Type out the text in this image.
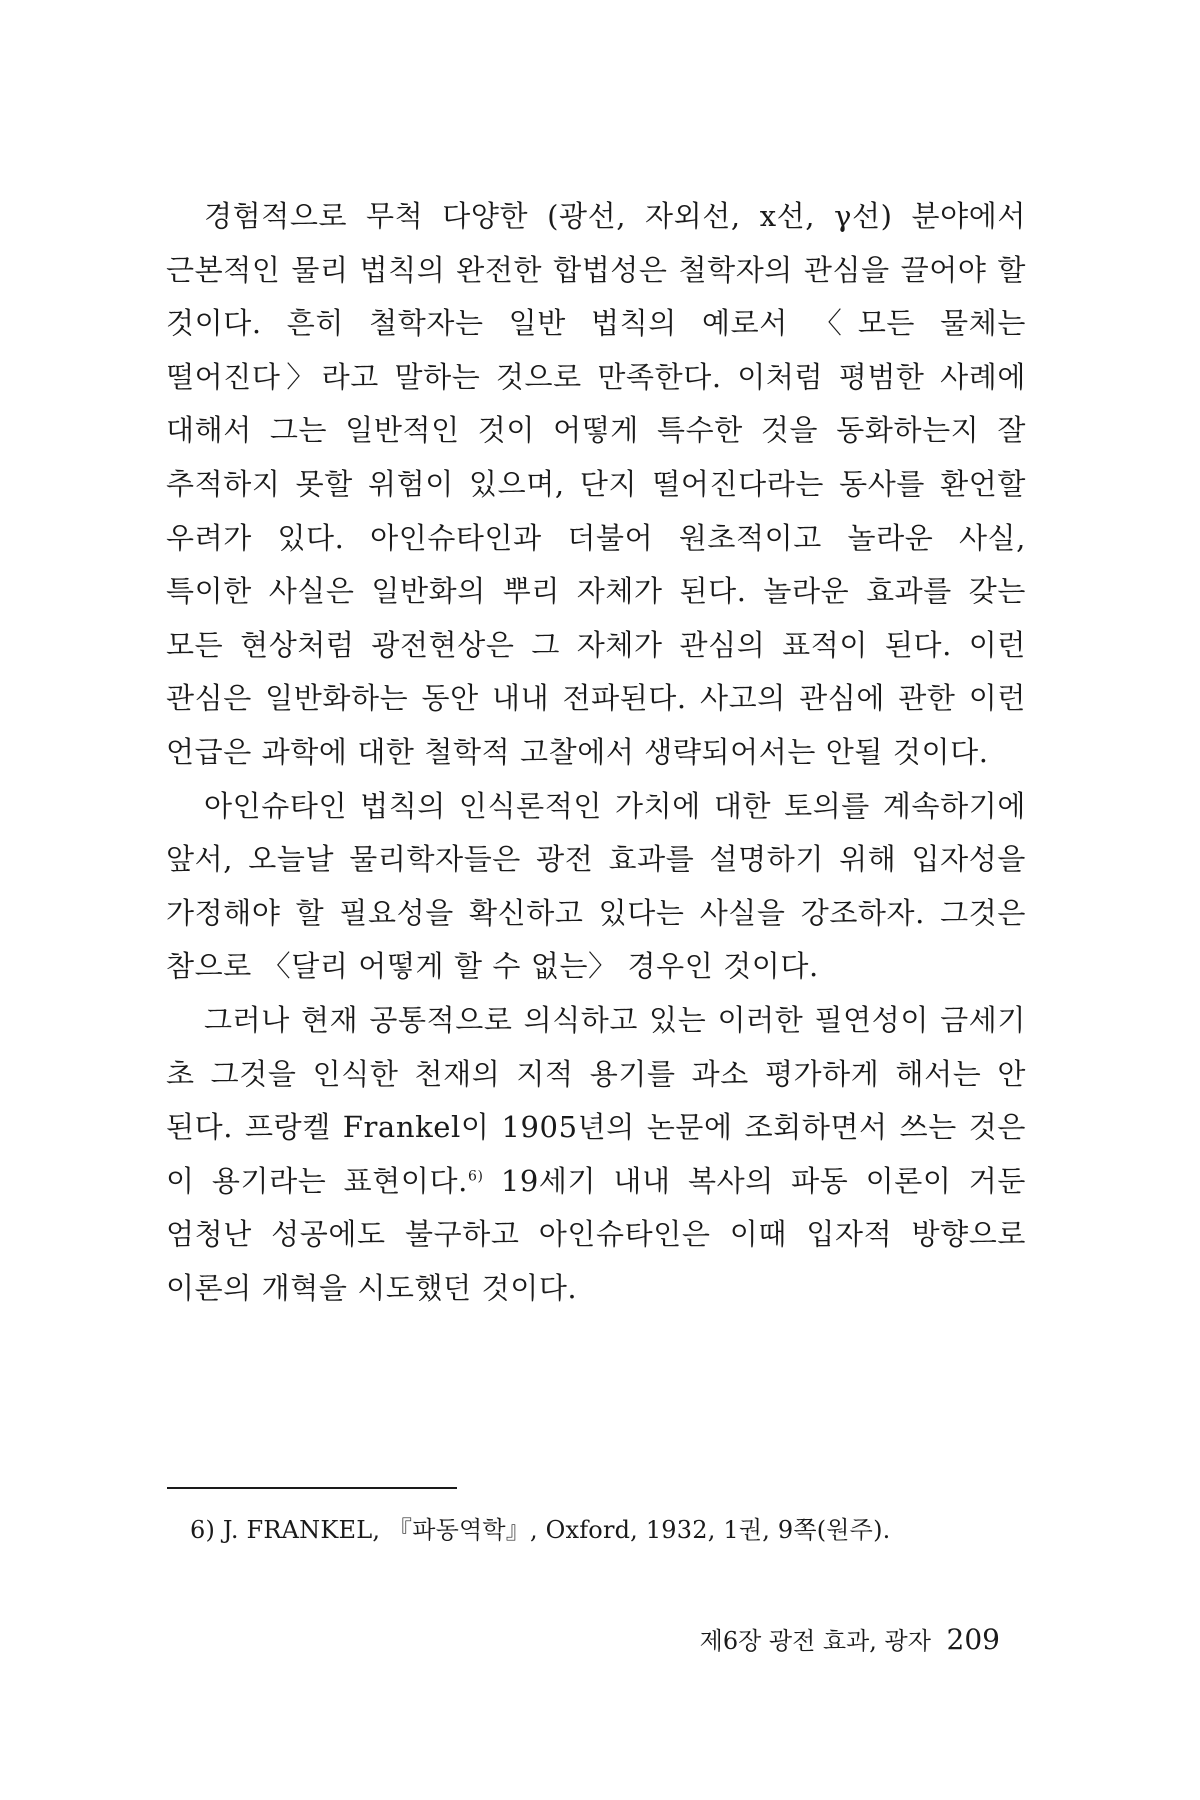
경험적으로 무척 다양한 (광선, 자외선, x선, γ선) 분야에서 근본적인 물리 법칙의 완전한 합법성은 철학자의 관심을 끌어야 할 것이다. 흔히 철학자는 일반 법칙의 예로서 〈모든 물체는 떨어진다〉라고 말하는 것으로 만족한다. 이처럼 평범한 사례에 대해서 그는 일반적인 것이 어떻게 특수한 것을 동화하는지 잘 추적하지 못할 위험이 있으며, 단지 떨어진다라는 동사를 환언할 우려가 있다. 아인슈타인과 더불어 원초적이고 놀라운 사실, 특이한 사실은 일반화의 뿌리 자체가 된다. 놀라운 효과를 갖는 모든 현상처럼 광전현상은 그 자체가 관심의 표적이 된다. 이런 관심은 일반화하는 동안 내내 전파된다. 사고의 관심에 관한 이런 언급은 과학에 대한 철학적 고찰에서 생략되어서는 안될 것이다.

아인슈타인 법칙의 인식론적인 가치에 대한 토의를 계속하기에 앞서, 오늘날 물리학자들은 광전 효과를 설명하기 위해 입자성을 가정해야 할 필요성을 확신하고 있다는 사실을 강조하자. 그것은 참으로 〈달리 어떻게 할 수 없는〉 경우인 것이다.

그러나 현재 공통적으로 의식하고 있는 이러한 필연성이 금세기 초 그것을 인식한 천재의 지적 용기를 과소 평가하게 해서는 안 된다. 프랑켈 Frankel이 1905년의 논문에 조회하면서 쓰는 것은 이 용기라는 표현이다.$^{6)}$ 19세기 내내 복사의 파동 이론이 거둔 엄청난 성공에도 불구하고 아인슈타인은 이때 입자적 방향으로 이론의 개혁을 시도했던 것이다.

6) J. FRANKEL, 『파동역학』, Oxford, 1932, 1권, 9쪽(원주).
제6장 광전 효과, 광자 209
